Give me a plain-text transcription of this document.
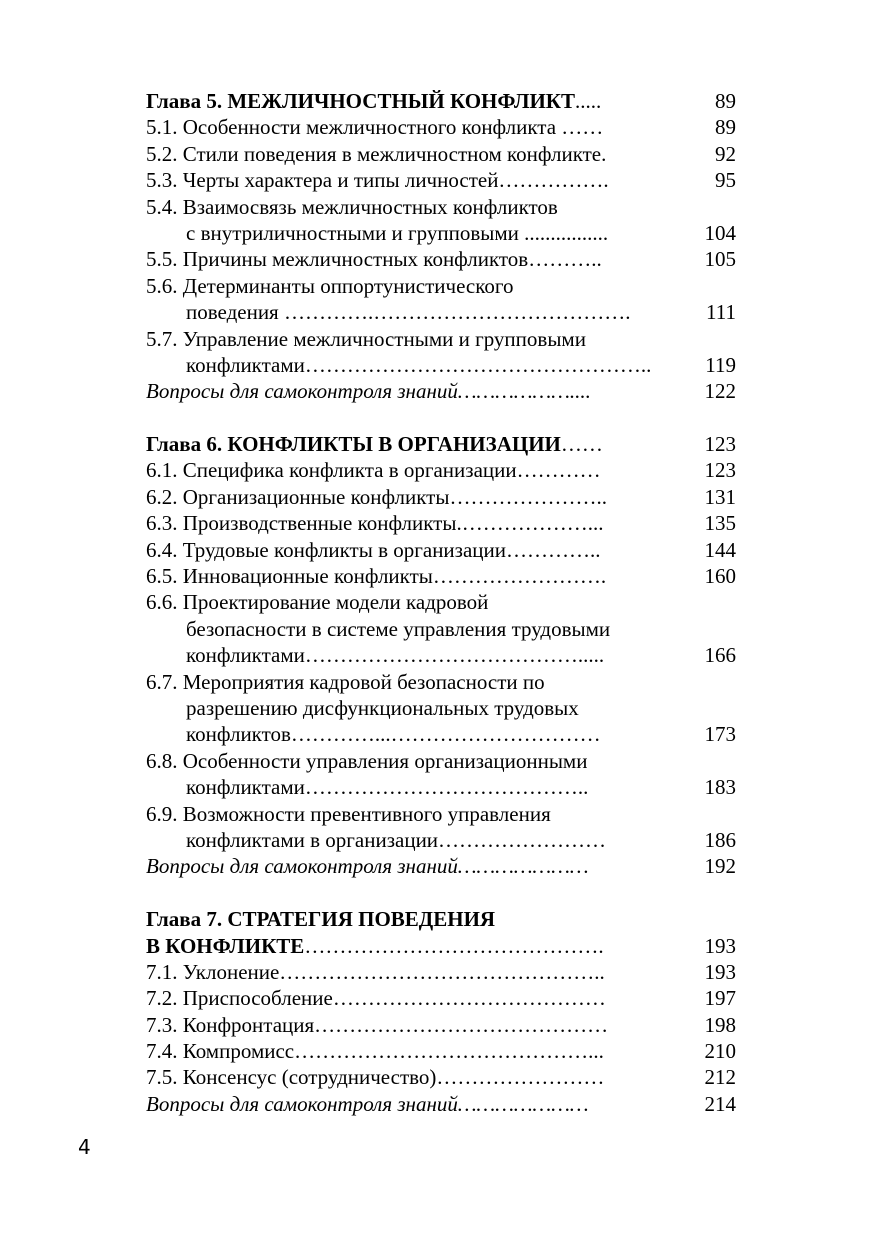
Глава 5. МЕЖЛИЧНОСТНЫЙ КОНФЛИКТ.....	89
5.1. Особенности межличностного конфликта ……	89
5.2. Стили поведения в межличностном конфликте.	92
5.3. Черты характера и типы личностей…………….	95
5.4. Взаимосвязь межличностных конфликтов
с внутриличностными и групповыми ................	104
5.5. Причины межличностных конфликтов………..	105
5.6. Детерминанты оппортунистического
поведения ………….……………………………….	111
5.7. Управление межличностными и групповыми
конфликтами…………………………………………..	119
Вопросы для самоконтроля знаний………………....	122
Глава 6. КОНФЛИКТЫ В ОРГАНИЗАЦИИ……	123
6.1. Специфика конфликта в организации…………	123
6.2. Организационные конфликты…………………..	131
6.3. Производственные конфликты.………………...	135
6.4. Трудовые конфликты в организации…………..	144
6.5. Инновационные конфликты…………………….	160
6.6. Проектирование модели кадровой
безопасности в системе управления трудовыми
конфликтами………………………………….....	166
6.7. Мероприятия кадровой безопасности по
разрешению дисфункциональных трудовых
конфликтов…………...…………………………	173
6.8. Особенности управления организационными
конфликтами…………………………………..	183
6.9. Возможности превентивного управления
конфликтами в организации……………………	186
Вопросы для самоконтроля знаний…………………	192
Глава 7. СТРАТЕГИЯ ПОВЕДЕНИЯ
В КОНФЛИКТЕ…………………………………….	193
7.1. Уклонение………………………………………..	193
7.2. Приспособление…………………………………	197
7.3. Конфронтация……………………………………	198
7.4. Компромисс……………………………………...	210
7.5. Консенсус (сотрудничество)……………………	212
Вопросы для самоконтроля знаний…………………	214
4
